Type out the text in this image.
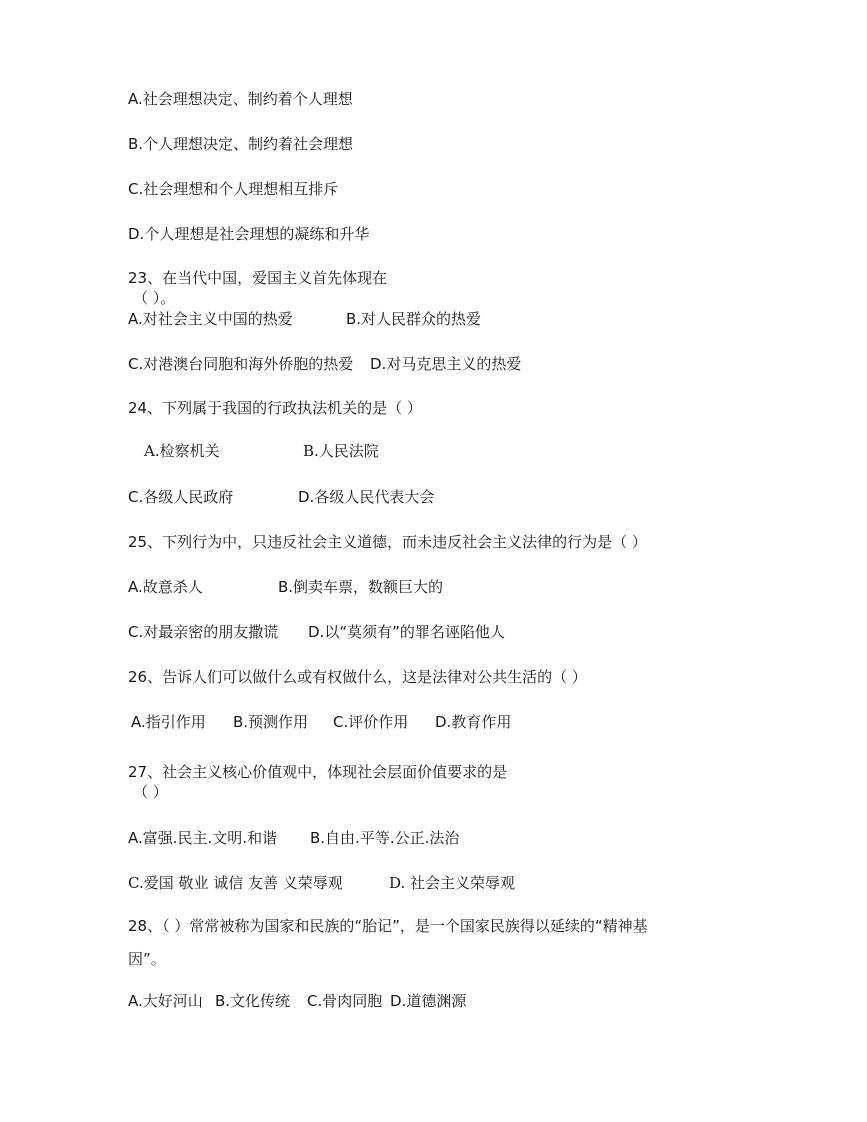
A.社会理想决定、制约着个人理想
B.个人理想决定、制约着社会理想
C.社会理想和个人理想相互排斥
D.个人理想是社会理想的凝练和升华
23、在当代中国，爱国主义首先体现在
（ ）。
A.对社会主义中国的热爱	B.对人民群众的热爱
C.对港澳台同胞和海外侨胞的热爱 D.对马克思主义的热爱
24、下列属于我国的行政执法机关的是（ ）
A.检察机关	B.人民法院
C.各级人民政府	D.各级人民代表大会
25、下列行为中，只违反社会主义道德，而未违反社会主义法律的行为是（ ）
A.故意杀人	B.倒卖车票，数额巨大的
C.对最亲密的朋友撒谎 D.以“莫须有”的罪名诬陷他人
26、告诉人们可以做什么或有权做什么，这是法律对公共生活的（ ）
A.指引作用 B.预测作用 C.评价作用 D.教育作用
27、社会主义核心价值观中，体现社会层面价值要求的是
（ ）
A.富强.民主.文明.和谐 B.自由.平等.公正.法治
C.爱国 敬业 诚信 友善 义荣辱观	D. 社会主义荣辱观
28、（ ）常常被称为国家和民族的“胎记”，是一个国家民族得以延续的“精神基
因”。
A.大好河山 B.文化传统 C.骨肉同胞 D.道德渊源
